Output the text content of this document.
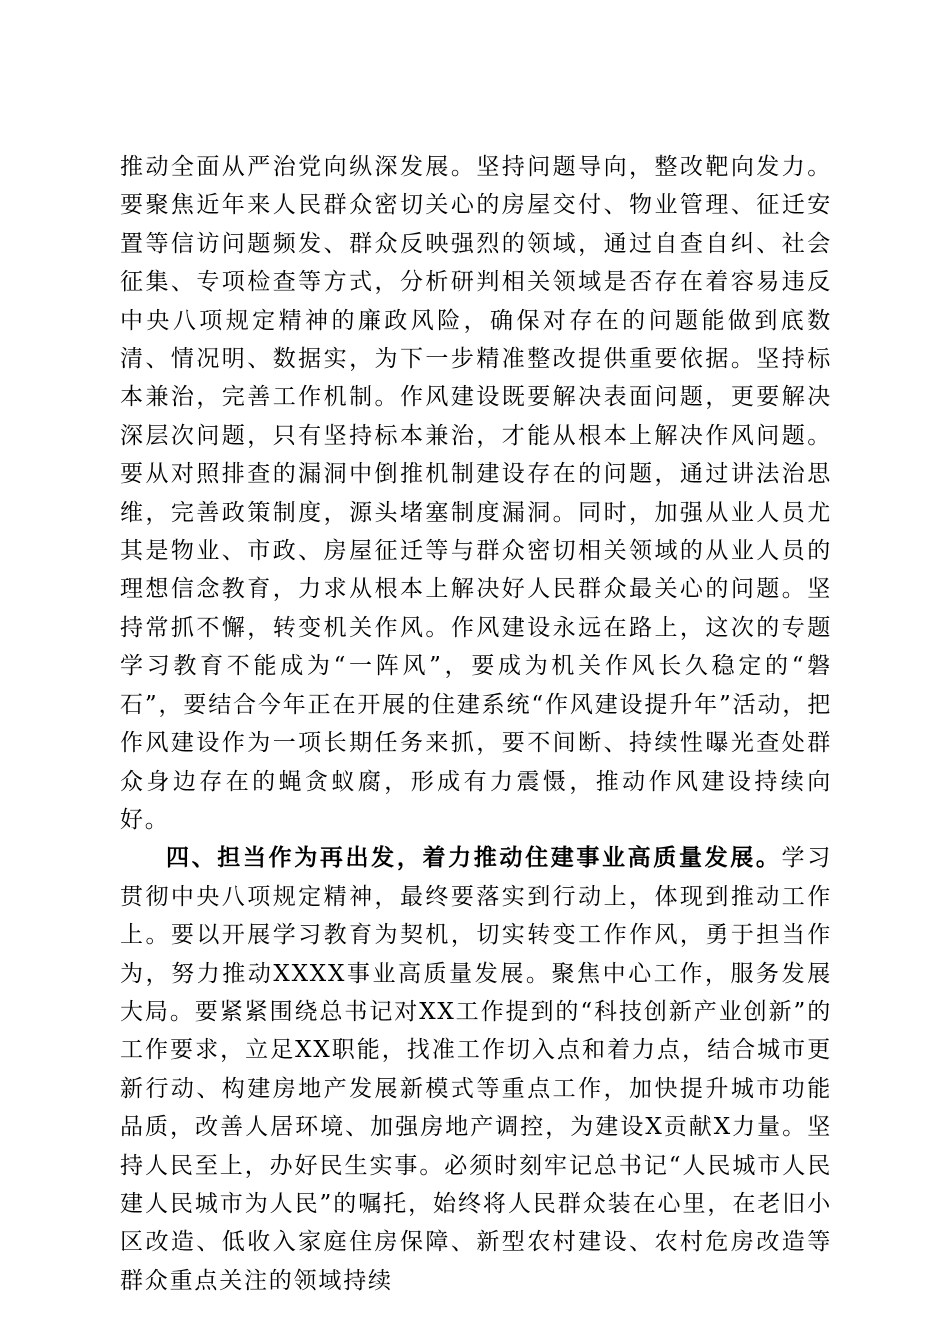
推动全面从严治党向纵深发展。坚持问题导向，整改靶向发力。要聚焦近年来人民群众密切关心的房屋交付、物业管理、征迁安置等信访问题频发、群众反映强烈的领域，通过自查自纠、社会征集、专项检查等方式，分析研判相关领域是否存在着容易违反中央八项规定精神的廉政风险，确保对存在的问题能做到底数清、情况明、数据实，为下一步精准整改提供重要依据。坚持标本兼治，完善工作机制。作风建设既要解决表面问题，更要解决深层次问题，只有坚持标本兼治，才能从根本上解决作风问题。要从对照排查的漏洞中倒推机制建设存在的问题，通过讲法治思维，完善政策制度，源头堵塞制度漏洞。同时，加强从业人员尤其是物业、市政、房屋征迁等与群众密切相关领域的从业人员的理想信念教育，力求从根本上解决好人民群众最关心的问题。坚持常抓不懈，转变机关作风。作风建设永远在路上，这次的专题学习教育不能成为“一阵风”，要成为机关作风长久稳定的“磐石”，要结合今年正在开展的住建系统“作风建设提升年”活动，把作风建设作为一项长期任务来抓，要不间断、持续性曝光查处群众身边存在的蝇贪蚁腐，形成有力震慑，推动作风建设持续向好。

四、担当作为再出发，着力推动住建事业高质量发展。学习贯彻中央八项规定精神，最终要落实到行动上，体现到推动工作上。要以开展学习教育为契机，切实转变工作作风，勇于担当作为，努力推动XXXX事业高质量发展。聚焦中心工作，服务发展大局。要紧紧围绕总书记对XX工作提到的“科技创新产业创新”的工作要求，立足XX职能，找准工作切入点和着力点，结合城市更新行动、构建房地产发展新模式等重点工作，加快提升城市功能品质，改善人居环境、加强房地产调控，为建设X贡献X力量。坚持人民至上，办好民生实事。必须时刻牢记总书记“人民城市人民建人民城市为人民”的嘱托，始终将人民群众装在心里，在老旧小区改造、低收入家庭住房保障、新型农村建设、农村危房改造等群众重点关注的领域持续
